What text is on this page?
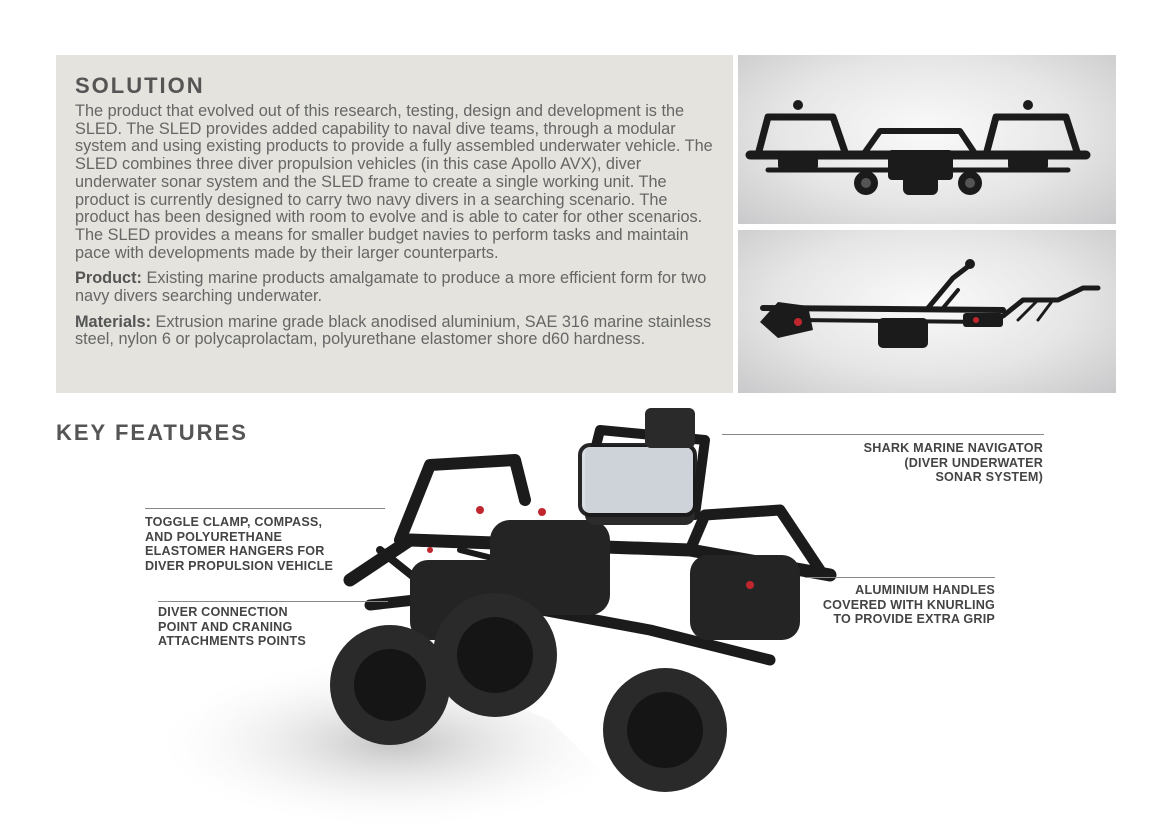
SOLUTION

The product that evolved out of this research, testing, design and development is the SLED. The SLED provides added capability to naval dive teams, through a modular system and using existing products to provide a fully assembled underwater vehicle. The SLED combines three diver propulsion vehicles (in this case Apollo AVX), diver underwater sonar system and the SLED frame to create a single working unit. The product is currently designed to carry two navy divers in a searching scenario. The product has been designed with room to evolve and is able to cater for other scenarios. The SLED provides a means for smaller budget navies to perform tasks and maintain pace with developments made by their larger counterparts.

Product: Existing marine products amalgamate to produce a more efficient form for two navy divers searching underwater.

Materials: Extrusion marine grade black anodised aluminium, SAE 316 marine stainless steel, nylon 6 or polycaprolactam, polyurethane elastomer shore d60 hardness.

KEY FEATURES
TOGGLE CLAMP, COMPASS,
AND POLYURETHANE
ELASTOMER HANGERS FOR
DIVER PROPULSION VEHICLE
DIVER CONNECTION
POINT AND CRANING
ATTACHMENTS POINTS
SHARK MARINE NAVIGATOR
(DIVER UNDERWATER
SONAR SYSTEM)
ALUMINIUM HANDLES
COVERED WITH KNURLING
TO PROVIDE EXTRA GRIP
